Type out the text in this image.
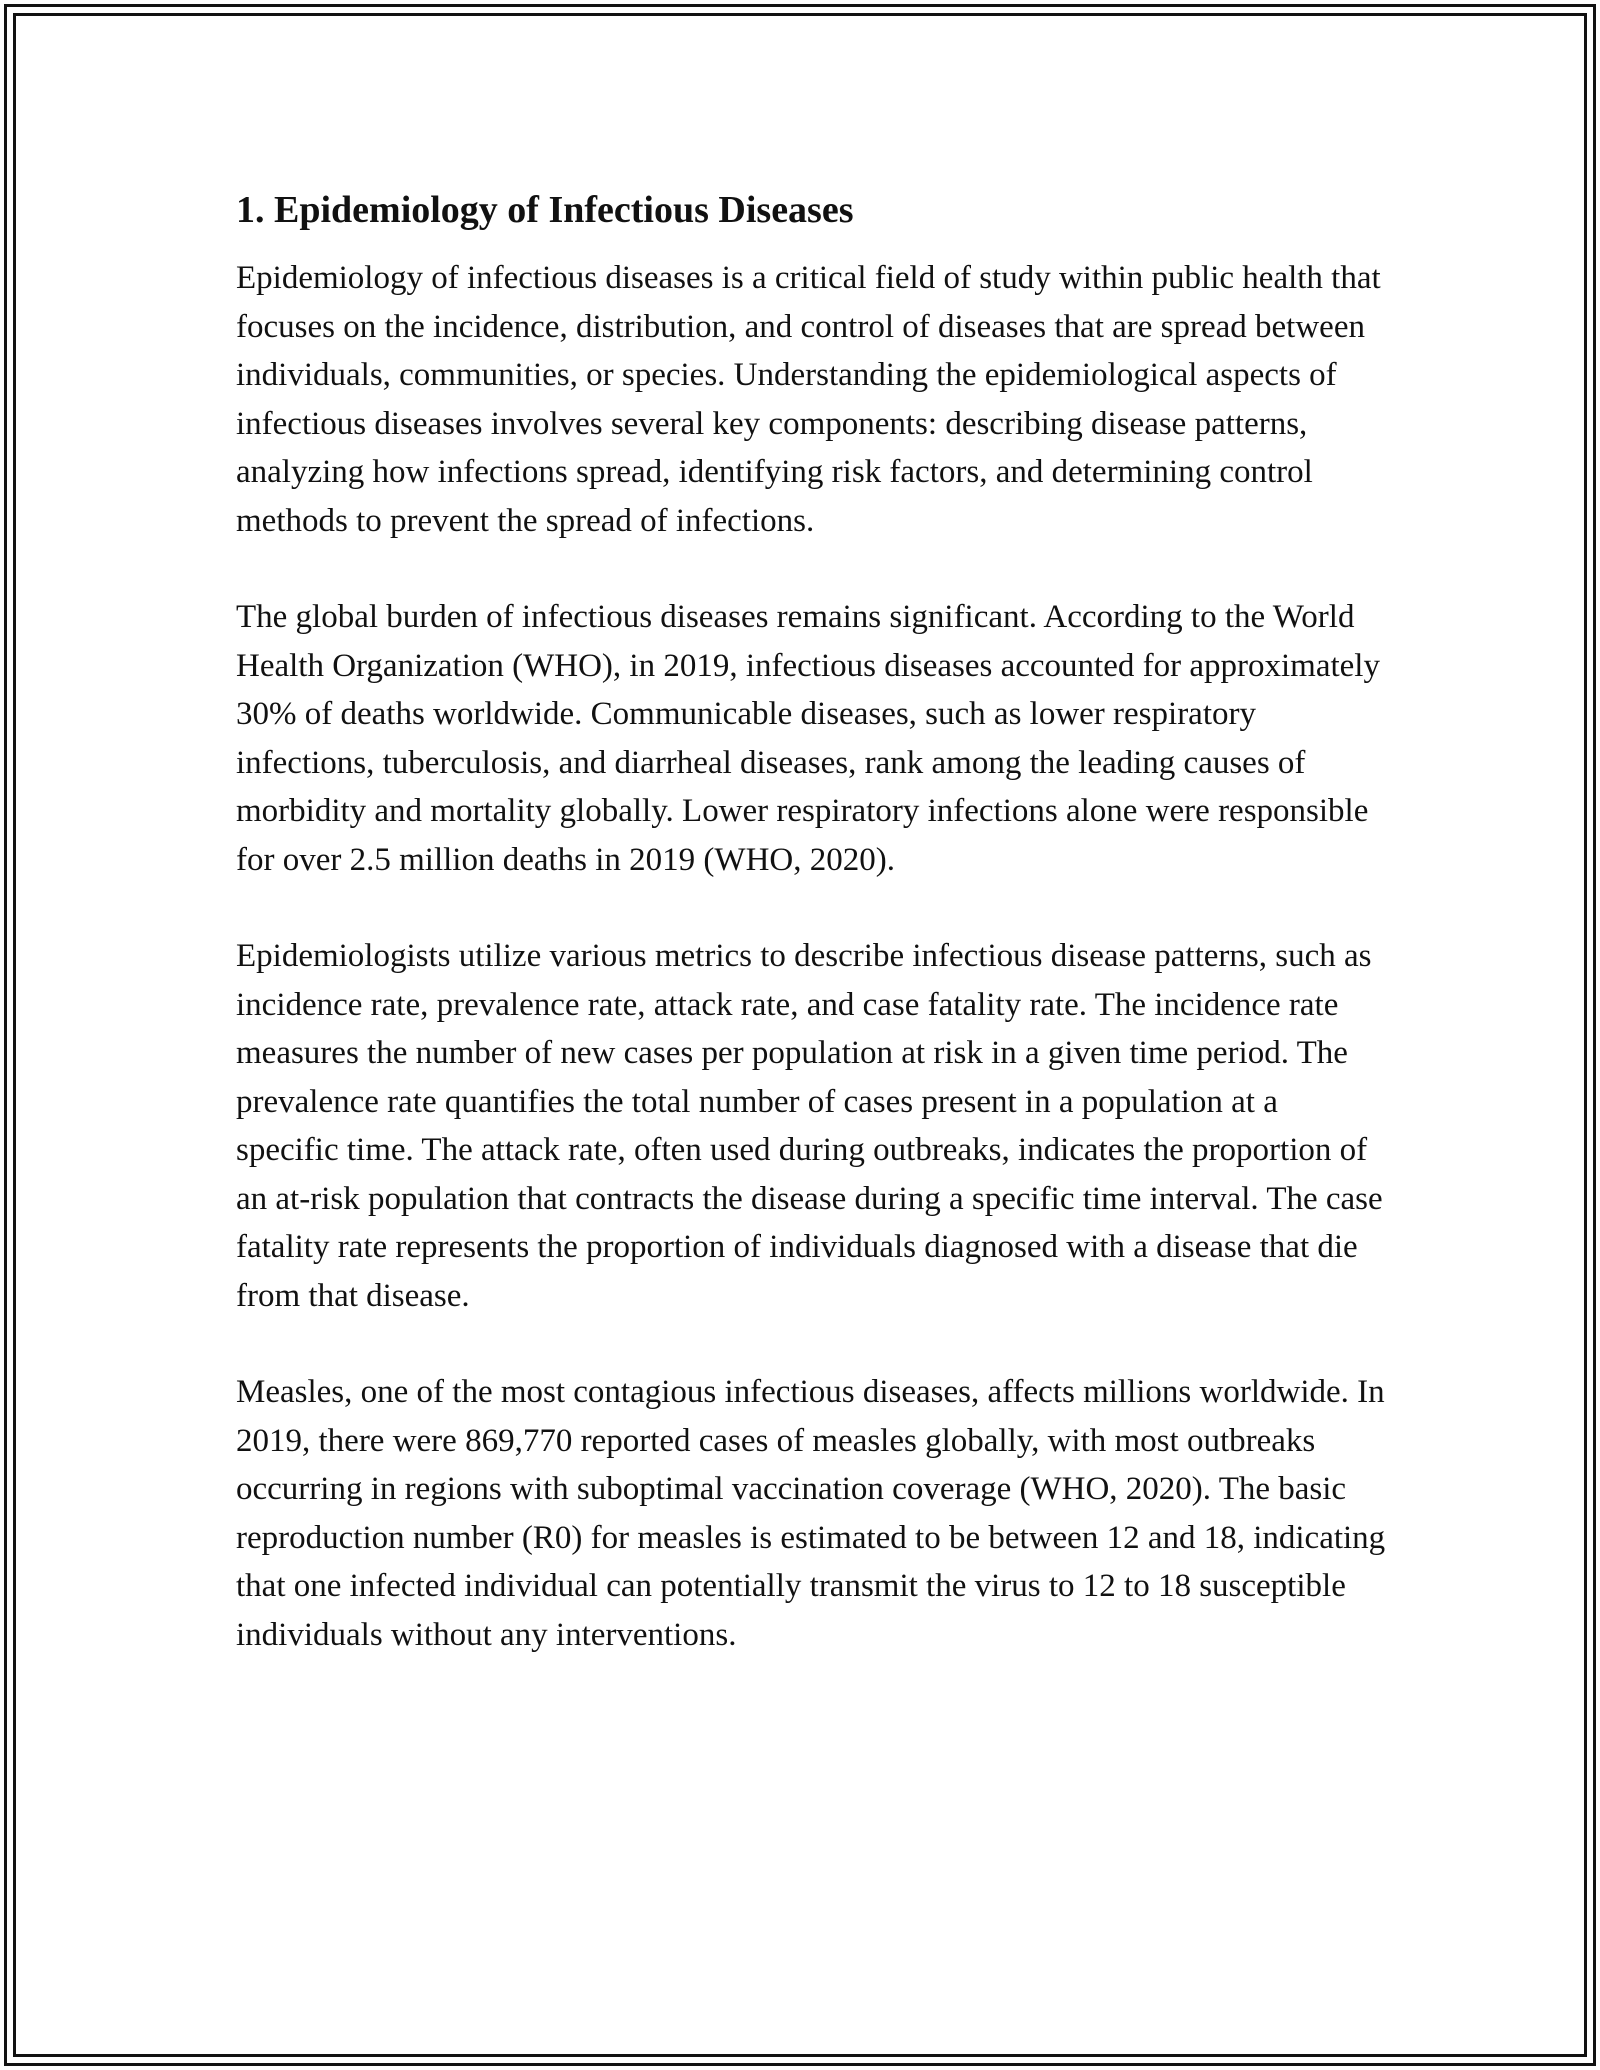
1. Epidemiology of Infectious Diseases

Epidemiology of infectious diseases is a critical field of study within public health that focuses on the incidence, distribution, and control of diseases that are spread between individuals, communities, or species. Understanding the epidemiological aspects of infectious diseases involves several key components: describing disease patterns, analyzing how infections spread, identifying risk factors, and determining control methods to prevent the spread of infections.

The global burden of infectious diseases remains significant. According to the World Health Organization (WHO), in 2019, infectious diseases accounted for approximately 30% of deaths worldwide. Communicable diseases, such as lower respiratory infections, tuberculosis, and diarrheal diseases, rank among the leading causes of morbidity and mortality globally. Lower respiratory infections alone were responsible for over 2.5 million deaths in 2019 (WHO, 2020).

Epidemiologists utilize various metrics to describe infectious disease patterns, such as incidence rate, prevalence rate, attack rate, and case fatality rate. The incidence rate measures the number of new cases per population at risk in a given time period. The prevalence rate quantifies the total number of cases present in a population at a specific time. The attack rate, often used during outbreaks, indicates the proportion of an at-risk population that contracts the disease during a specific time interval. The case fatality rate represents the proportion of individuals diagnosed with a disease that die from that disease.

Measles, one of the most contagious infectious diseases, affects millions worldwide. In 2019, there were 869,770 reported cases of measles globally, with most outbreaks occurring in regions with suboptimal vaccination coverage (WHO, 2020). The basic reproduction number (R0) for measles is estimated to be between 12 and 18, indicating that one infected individual can potentially transmit the virus to 12 to 18 susceptible individuals without any interventions.
